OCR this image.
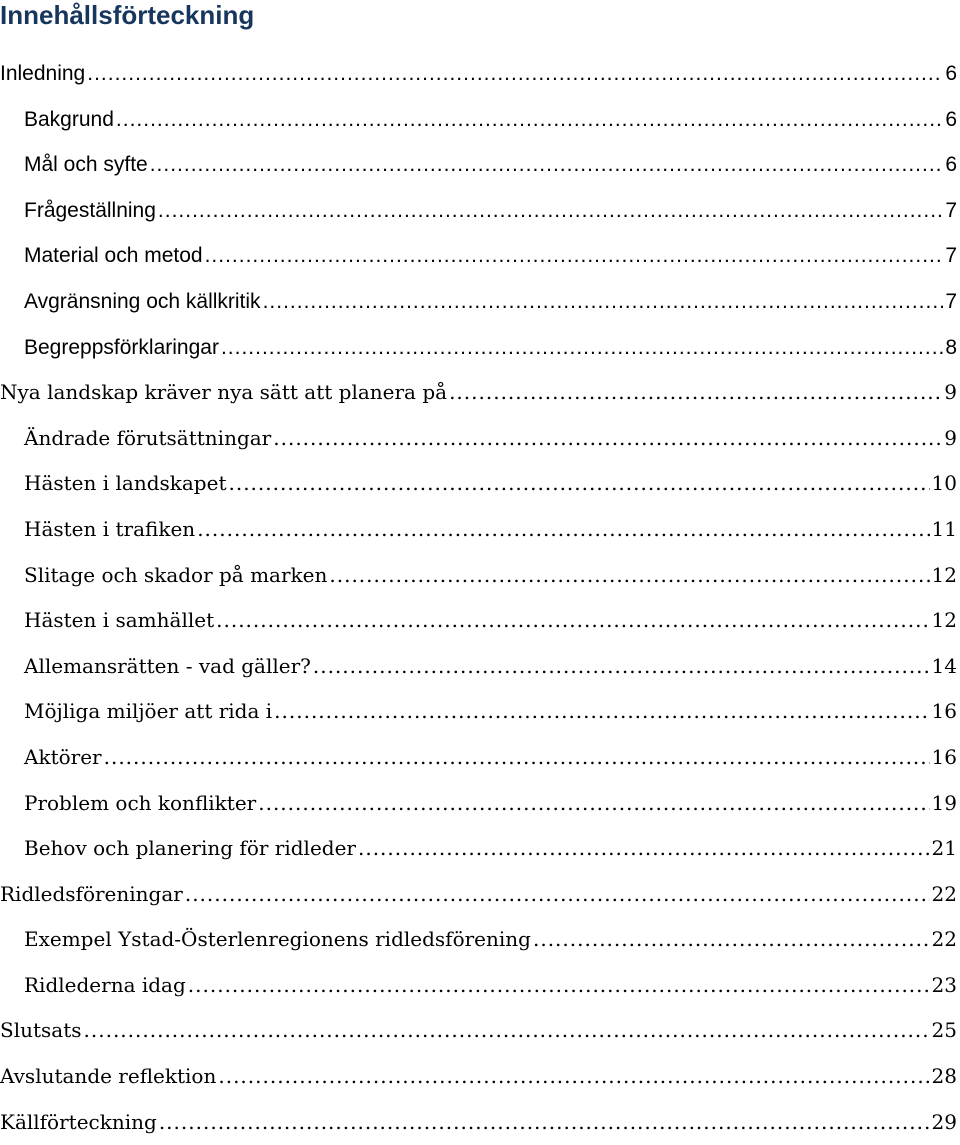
Innehållsförteckning
Inledning .....	6
Bakgrund .....	6
Mål och syfte .....	6
Frågeställning .....	7
Material och metod .....	7
Avgränsning och källkritik .....	7
Begreppsförklaringar .....	8
Nya landskap kräver nya sätt att planera på .....	9
Ändrade förutsättningar .....	9
Hästen i landskapet .....	10
Hästen i trafiken .....	11
Slitage och skador på marken .....	12
Hästen i samhället .....	12
Allemansrätten - vad gäller? .....	14
Möjliga miljöer att rida i .....	16
Aktörer .....	16
Problem och konflikter .....	19
Behov och planering för ridleder .....	21
Ridledsföreningar .....	22
Exempel Ystad-Österlenregionens ridledsförening .....	22
Ridlederna idag .....	23
Slutsats .....	25
Avslutande reflektion .....	28
Källförteckning .....	29
